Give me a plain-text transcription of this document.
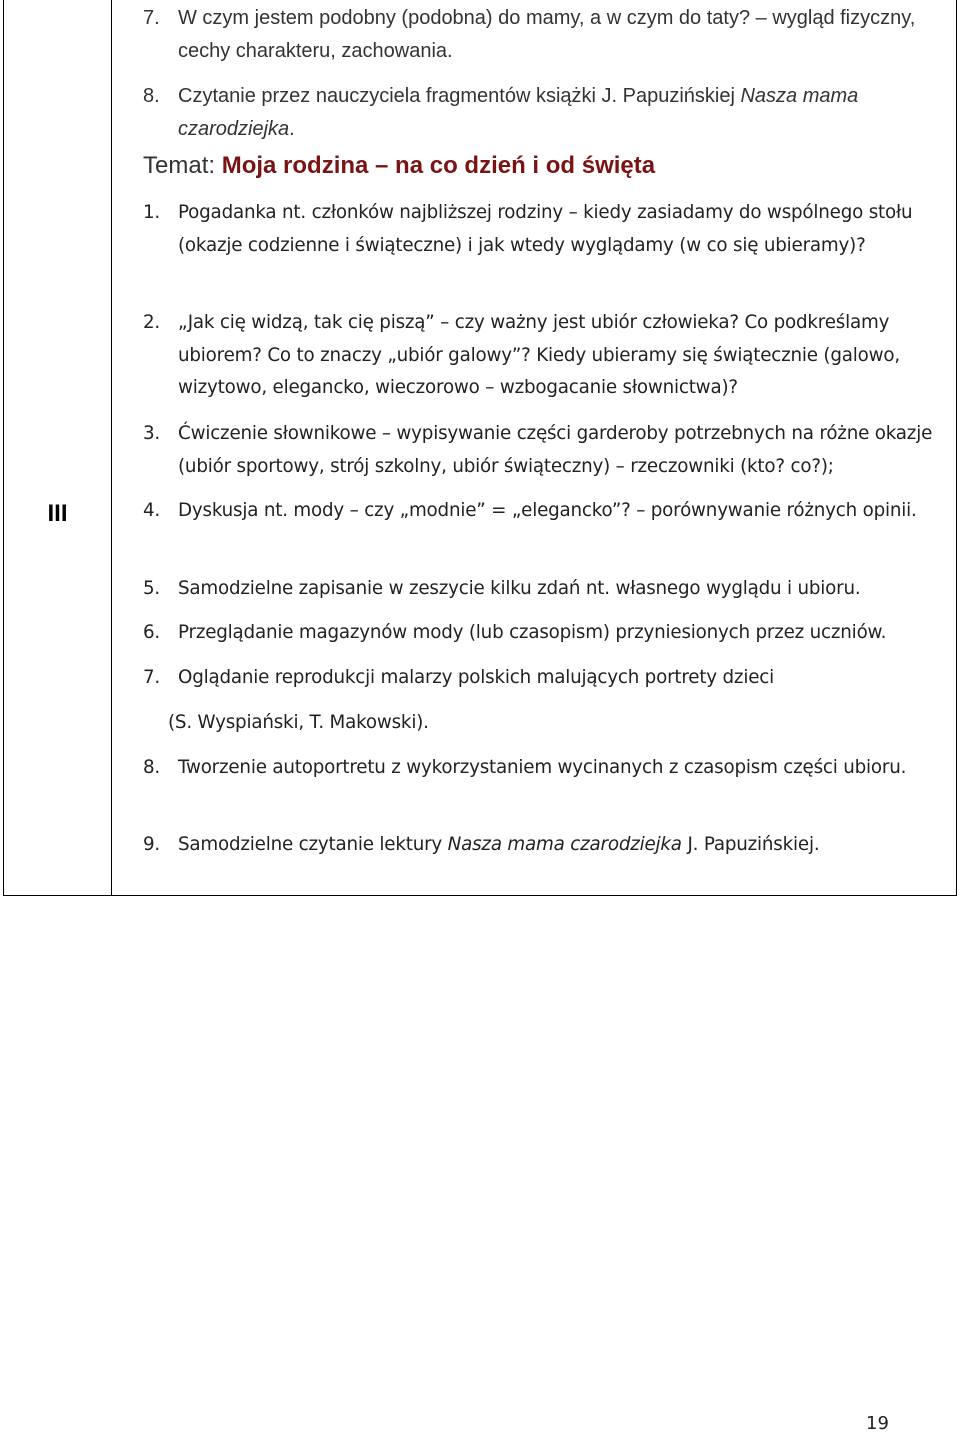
III
7. W czym jestem podobny (podobna) do mamy, a w czym do taty? – wygląd fizyczny, cechy charakteru, zachowania.
8. Czytanie przez nauczyciela fragmentów książki J. Papuzińskiej Nasza mama czarodziejka.
Temat: Moja rodzina – na co dzień i od święta
1. Pogadanka nt. członków najbliższej rodziny – kiedy zasiadamy do wspólnego stołu (okazje codzienne i świąteczne) i jak wtedy wyglądamy (w co się ubieramy)?
2. „Jak cię widzą, tak cię piszą” – czy ważny jest ubiór człowieka? Co podkreślamy ubiorem? Co to znaczy „ubiór galowy”? Kiedy ubieramy się świątecznie (galowo, wizytowo, elegancko, wieczorowo – wzbogacanie słownictwa)?
3. Ćwiczenie słownikowe – wypisywanie części garderoby potrzebnych na różne okazje (ubiór sportowy, strój szkolny, ubiór świąteczny) – rzeczowniki (kto? co?);
4. Dyskusja nt. mody – czy „modnie” = „elegancko”? – porównywanie różnych opinii.
5. Samodzielne zapisanie w zeszycie kilku zdań nt. własnego wyglądu i ubioru.
6. Przeglądanie magazynów mody (lub czasopism) przyniesionych przez uczniów.
7. Oglądanie reprodukcji malarzy polskich malujących portrety dzieci
(S. Wyspiański, T. Makowski).
8. Tworzenie autoportretu z wykorzystaniem wycinanych z czasopism części ubioru.
9. Samodzielne czytanie lektury Nasza mama czarodziejka J. Papuzińskiej.
19
